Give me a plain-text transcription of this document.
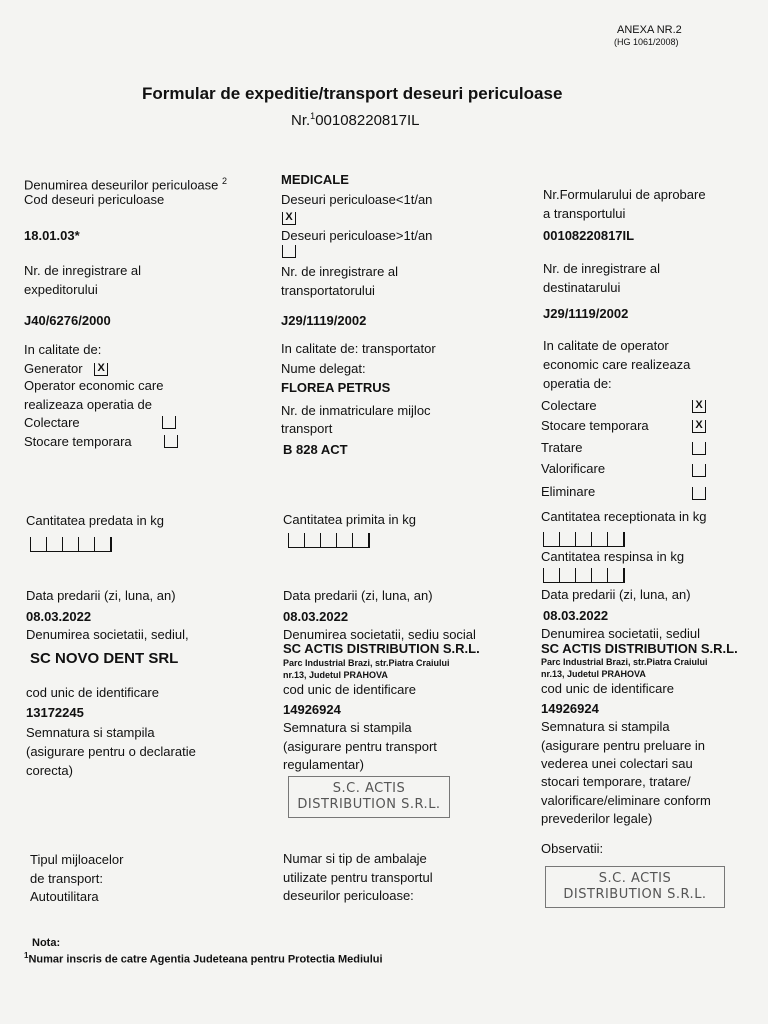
ANEXA NR.2
(HG 1061/2008)
Formular de expeditie/transport deseuri periculoase
Nr.$^1$00108220817IL
Denumirea deseurilor periculoase $^2$
Cod deseuri periculoase
18.01.03*
Nr. de inregistrare al
expeditorului
J40/6276/2000
In calitate de:
Generator X
Operator economic care
realizeaza operatia de
Colectare
Stocare temporara
Cantitatea predata in kg
Data predarii (zi, luna, an)
08.03.2022
Denumirea societatii, sediul,
SC NOVO DENT SRL
cod unic de identificare
13172245
Semnatura si stampila
(asigurare pentru o declaratie
corecta)
Tipul mijloacelor
de transport:
Autoutilitara
MEDICALE
Deseuri periculoase<1t/an
X
Deseuri periculoase>1t/an
Nr. de inregistrare al
transportatorului
J29/1119/2002
In calitate de: transportator
Nume delegat:
FLOREA PETRUS
Nr. de inmatriculare mijloc
transport
B 828 ACT
Cantitatea primita in kg
Data predarii (zi, luna, an)
08.03.2022
Denumirea societatii, sediu social
SC ACTIS DISTRIBUTION S.R.L.
Parc Industrial Brazi, str.Piatra Craiului
nr.13, Judetul PRAHOVA
cod unic de identificare
14926924
Semnatura si stampila
(asigurare pentru transport
regulamentar)
S.C. ACTIS
DISTRIBUTION S.R.L.
Numar si tip de ambalaje
utilizate pentru transportul
deseurilor periculoase:
Nr.Formularului de aprobare
a transportului
00108220817IL
Nr. de inregistrare al
destinatarului
J29/1119/2002
In calitate de operator
economic care realizeaza
operatia de:
Colectare	X
Stocare temporara	X
Tratare
Valorificare
Eliminare
Cantitatea receptionata in kg
Cantitatea respinsa in kg
Data predarii (zi, luna, an)
08.03.2022
Denumirea societatii, sediul
SC ACTIS DISTRIBUTION S.R.L.
Parc Industrial Brazi, str.Piatra Craiului
nr.13, Judetul PRAHOVA
cod unic de identificare
14926924
Semnatura si stampila
(asigurare pentru preluare in
vederea unei colectari sau
stocari temporare, tratare/
valorificare/eliminare conform
prevederilor legale)
Observatii:
S.C. ACTIS
DISTRIBUTION S.R.L.
Nota:
$^1$Numar inscris de catre Agentia Judeteana pentru Protectia Mediului
